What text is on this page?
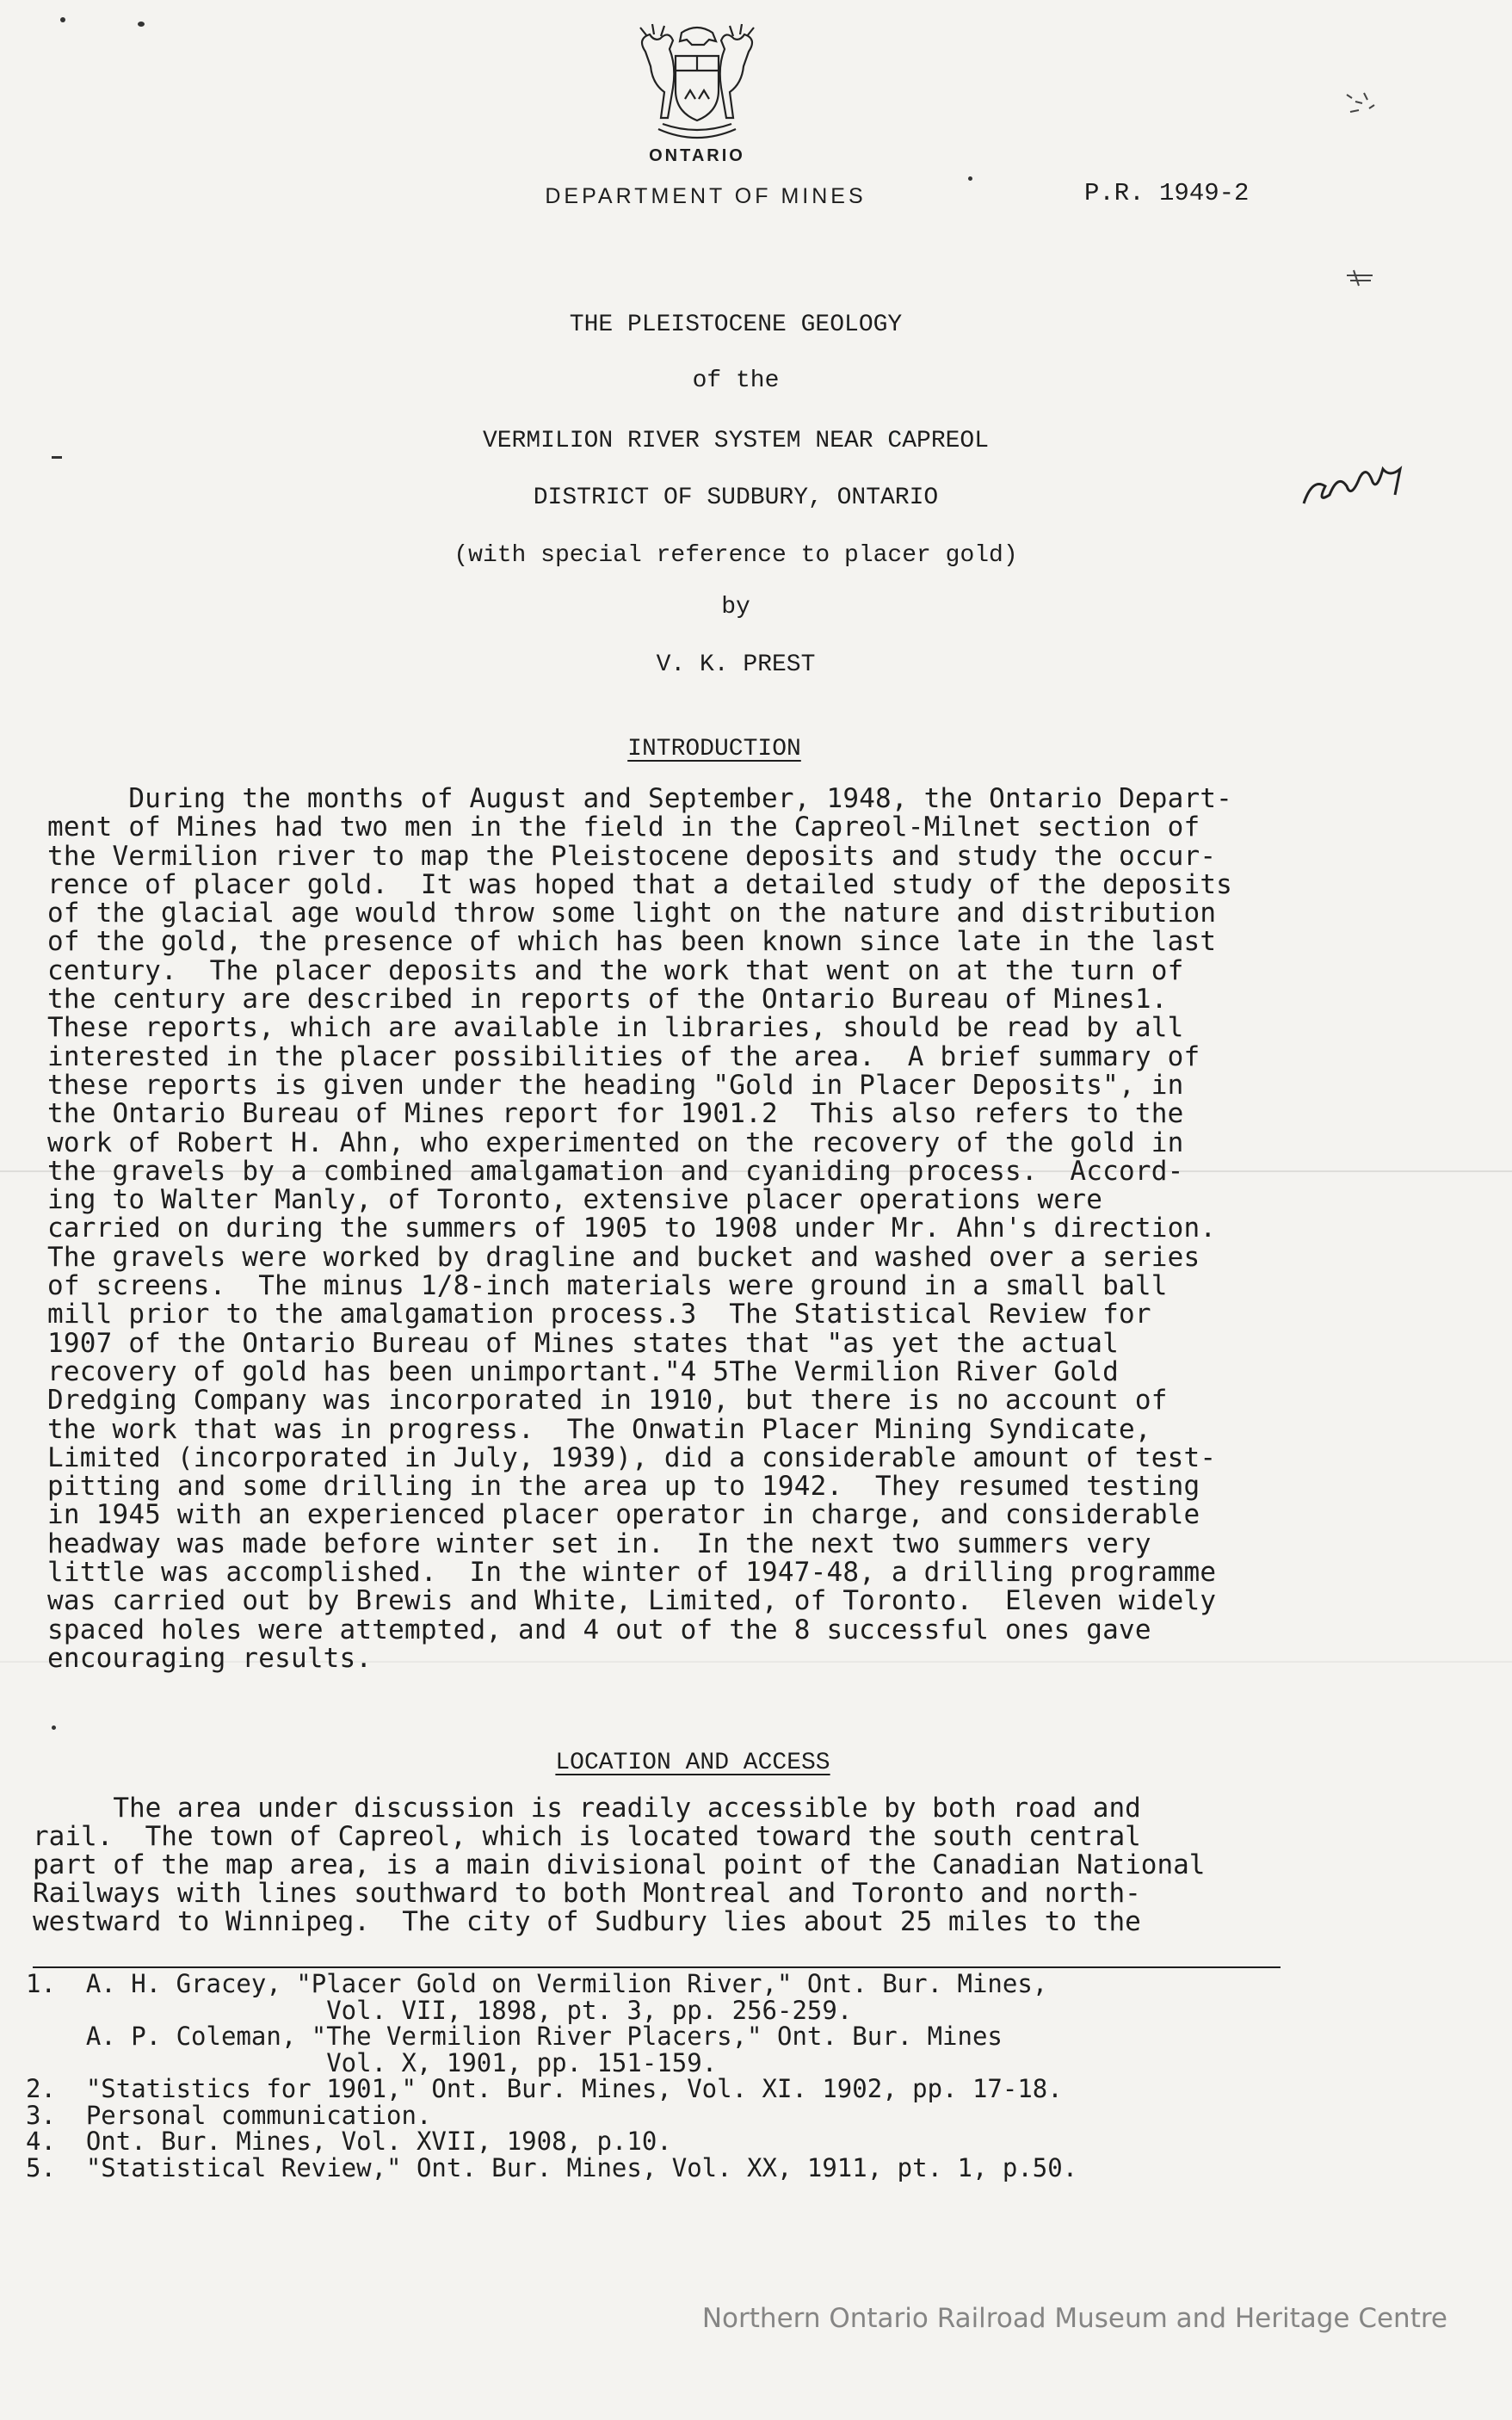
ONTARIO
DEPARTMENT OF MINES	P.R. 1949-2
THE PLEISTOCENE GEOLOGY
of the
VERMILION RIVER SYSTEM NEAR CAPREOL
DISTRICT OF SUDBURY, ONTARIO
(with special reference to placer gold)
by
V. K. PREST
INTRODUCTION
During the months of August and September, 1948, the Ontario Depart-
ment of Mines had two men in the field in the Capreol-Milnet section of
the Vermilion river to map the Pleistocene deposits and study the occur-
rence of placer gold.  It was hoped that a detailed study of the deposits
of the glacial age would throw some light on the nature and distribution
of the gold, the presence of which has been known since late in the last
century.  The placer deposits and the work that went on at the turn of
the century are described in reports of the Ontario Bureau of Mines1.
These reports, which are available in libraries, should be read by all
interested in the placer possibilities of the area.  A brief summary of
these reports is given under the heading "Gold in Placer Deposits", in
the Ontario Bureau of Mines report for 1901.2  This also refers to the
work of Robert H. Ahn, who experimented on the recovery of the gold in
the gravels by a combined amalgamation and cyaniding process.  Accord-
ing to Walter Manly, of Toronto, extensive placer operations were
carried on during the summers of 1905 to 1908 under Mr. Ahn's direction.
The gravels were worked by dragline and bucket and washed over a series
of screens.  The minus 1/8-inch materials were ground in a small ball
mill prior to the amalgamation process.3  The Statistical Review for
1907 of the Ontario Bureau of Mines states that "as yet the actual
recovery of gold has been unimportant."4 5The Vermilion River Gold
Dredging Company was incorporated in 1910, but there is no account of
the work that was in progress.  The Onwatin Placer Mining Syndicate,
Limited (incorporated in July, 1939), did a considerable amount of test-
pitting and some drilling in the area up to 1942.  They resumed testing
in 1945 with an experienced placer operator in charge, and considerable
headway was made before winter set in.  In the next two summers very
little was accomplished.  In the winter of 1947-48, a drilling programme
was carried out by Brewis and White, Limited, of Toronto.  Eleven widely
spaced holes were attempted, and 4 out of the 8 successful ones gave
encouraging results.
LOCATION AND ACCESS
The area under discussion is readily accessible by both road and
rail.  The town of Capreol, which is located toward the south central
part of the map area, is a main divisional point of the Canadian National
Railways with lines southward to both Montreal and Toronto and north-
westward to Winnipeg.  The city of Sudbury lies about 25 miles to the
1.  A. H. Gracey, "Placer Gold on Vermilion River," Ont. Bur. Mines,
Vol. VII, 1898, pt. 3, pp. 256-259.
A. P. Coleman, "The Vermilion River Placers," Ont. Bur. Mines
Vol. X, 1901, pp. 151-159.
2.  "Statistics for 1901," Ont. Bur. Mines, Vol. XI. 1902, pp. 17-18.
3.  Personal communication.
4.  Ont. Bur. Mines, Vol. XVII, 1908, p.10.
5.  "Statistical Review," Ont. Bur. Mines, Vol. XX, 1911, pt. 1, p.50.
Northern Ontario Railroad Museum and Heritage Centre
